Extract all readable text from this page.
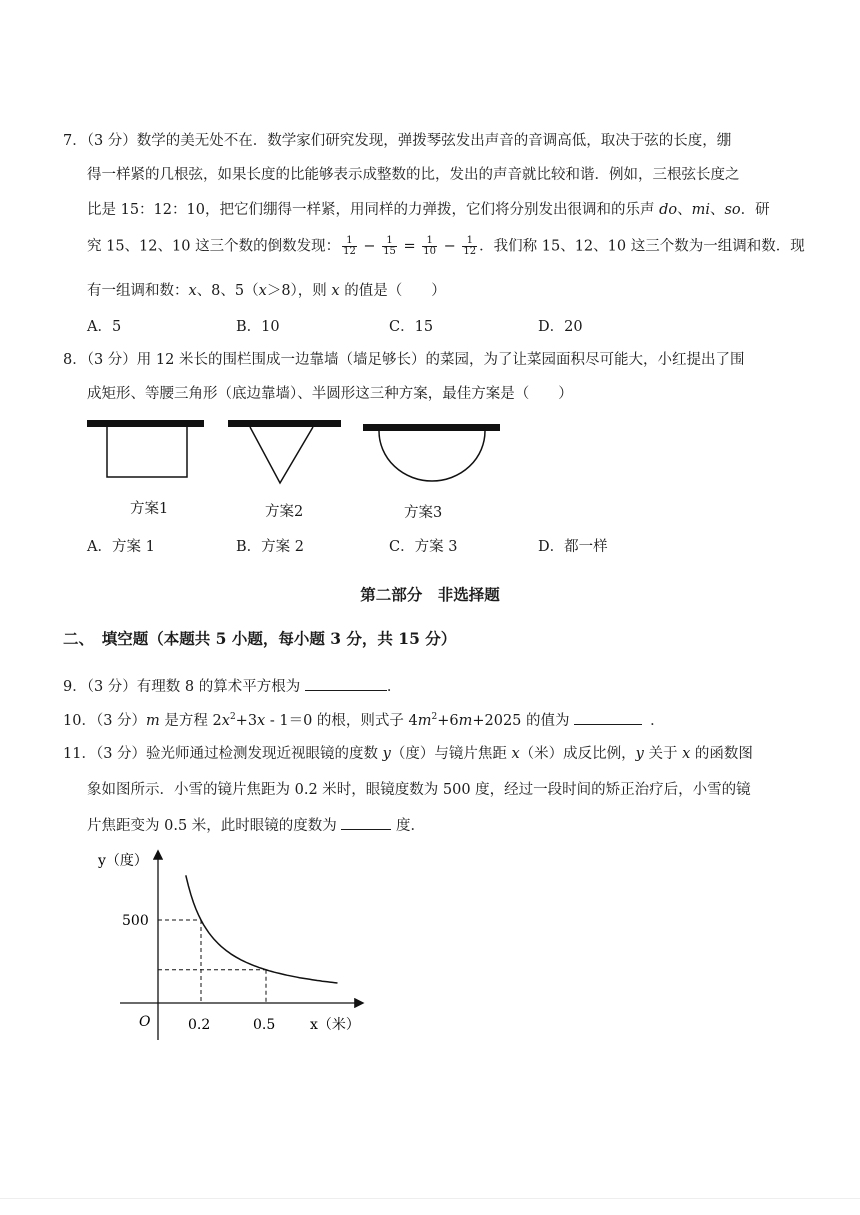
7．（3 分）数学的美无处不在．数学家们研究发现，弹拨琴弦发出声音的音调高低，取决于弦的长度，绷
得一样紧的几根弦，如果长度的比能够表示成整数的比，发出的声音就比较和谐．例如，三根弦长度之
比是 15：12：10，把它们绷得一样紧，用同样的力弹拨，它们将分别发出很调和的乐声 do、mi、so．研
究 15、12、10 这三个数的倒数发现： $\frac{1}{12} - \frac{1}{15} = \frac{1}{10} - \frac{1}{12}$ ．我们称 15、12、10 这三个数为一组调和数．现
有一组调和数：x、8、5（x＞8），则 x 的值是（　　）
A．5	B．10	C．15	D．20
8．（3 分）用 12 米长的围栏围成一边靠墙（墙足够长）的菜园，为了让菜园面积尽可能大，小红提出了围
成矩形、等腰三角形（底边靠墙）、半圆形这三种方案，最佳方案是（　　）
方案1	方案2	方案3
A．方案 1	B．方案 2	C．方案 3	D．都一样
第二部分　非选择题
二、　填空题（本题共 5 小题，每小题 3 分，共 15 分）
9．（3 分）有理数 8 的算术平方根为	．
10．（3 分）m 是方程 $2x^2+3x - 1=0$ 的根，则式子 $4m^2+6m+2025$ 的值为	．
11．（3 分）验光师通过检测发现近视眼镜的度数 y（度）与镜片焦距 x（米）成反比例，y 关于 x 的函数图
象如图所示．小雪的镜片焦距为 0.2 米时，眼镜度数为 500 度，经过一段时间的矫正治疗后，小雪的镜
片焦距变为 0.5 米，此时眼镜的度数为	度．
y（度）
x（米）
O	0.2	0.5
500
